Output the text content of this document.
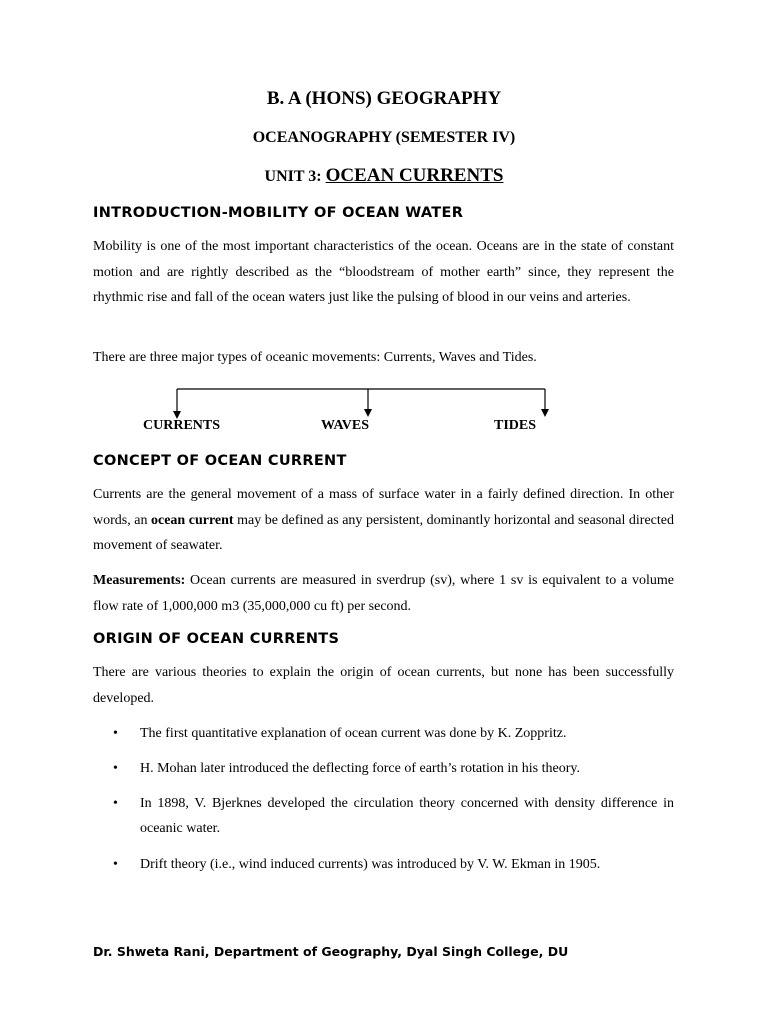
B. A (HONS) GEOGRAPHY
OCEANOGRAPHY (SEMESTER IV)
UNIT 3: OCEAN CURRENTS
INTRODUCTION-MOBILITY OF OCEAN WATER

Mobility is one of the most important characteristics of the ocean. Oceans are in the state of constant motion and are rightly described as the “bloodstream of mother earth” since, they represent the rhythmic rise and fall of the ocean waters just like the pulsing of blood in our veins and arteries.

There are three major types of oceanic movements: Currents, Waves and Tides.

CURRENTS	WAVES	TIDES
CONCEPT OF OCEAN CURRENT

Currents are the general movement of a mass of surface water in a fairly defined direction. In other words, an ocean current may be defined as any persistent, dominantly horizontal and seasonal directed movement of seawater.

Measurements: Ocean currents are measured in sverdrup (sv), where 1 sv is equivalent to a volume flow rate of 1,000,000 m3 (35,000,000 cu ft) per second.

ORIGIN OF OCEAN CURRENTS

There are various theories to explain the origin of ocean currents, but none has been successfully developed.

•	The first quantitative explanation of ocean current was done by K. Zoppritz.
•	H. Mohan later introduced the deflecting force of earth’s rotation in his theory.
•	In 1898, V. Bjerknes developed the circulation theory concerned with density difference in oceanic water.
•	Drift theory (i.e., wind induced currents) was introduced by V. W. Ekman in 1905.
Dr. Shweta Rani, Department of Geography, Dyal Singh College, DU
